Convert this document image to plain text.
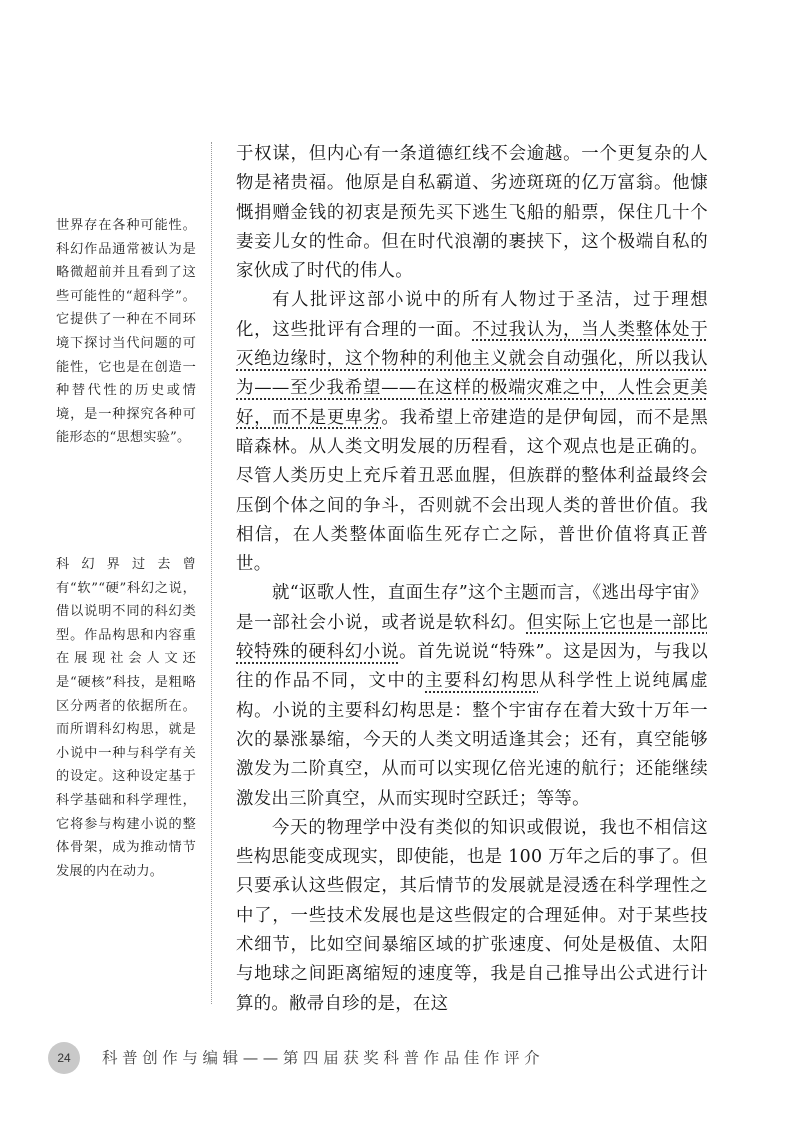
世界存在各种可能性。科幻作品通常被认为是略微超前并且看到了这些可能性的“超科学”。它提供了一种在不同环境下探讨当代问题的可能性，它也是在创造一种替代性的历史或情境，是一种探究各种可能形态的“思想实验”。
科幻界过去曾有“软”“硬”科幻之说，借以说明不同的科幻类型。作品构思和内容重在展现社会人文还是“硬核”科技，是粗略区分两者的依据所在。而所谓科幻构思，就是小说中一种与科学有关的设定。这种设定基于科学基础和科学理性，它将参与构建小说的整体骨架，成为推动情节发展的内在动力。

于权谋，但内心有一条道德红线不会逾越。一个更复杂的人物是褚贵福。他原是自私霸道、劣迹斑斑的亿万富翁。他慷慨捐赠金钱的初衷是预先买下逃生飞船的船票，保住几十个妻妾儿女的性命。但在时代浪潮的裹挟下，这个极端自私的家伙成了时代的伟人。

有人批评这部小说中的所有人物过于圣洁，过于理想化，这些批评有合理的一面。不过我认为，当人类整体处于灭绝边缘时，这个物种的利他主义就会自动强化，所以我认为——至少我希望——在这样的极端灾难之中，人性会更美好，而不是更卑劣。我希望上帝建造的是伊甸园，而不是黑暗森林。从人类文明发展的历程看，这个观点也是正确的。尽管人类历史上充斥着丑恶血腥，但族群的整体利益最终会压倒个体之间的争斗，否则就不会出现人类的普世价值。我相信，在人类整体面临生死存亡之际，普世价值将真正普世。

就“讴歌人性，直面生存”这个主题而言，《逃出母宇宙》是一部社会小说，或者说是软科幻。但实际上它也是一部比较特殊的硬科幻小说。首先说说“特殊”。这是因为，与我以往的作品不同，文中的主要科幻构思从科学性上说纯属虚构。小说的主要科幻构思是：整个宇宙存在着大致十万年一次的暴涨暴缩，今天的人类文明适逢其会；还有，真空能够激发为二阶真空，从而可以实现亿倍光速的航行；还能继续激发出三阶真空，从而实现时空跃迁；等等。

今天的物理学中没有类似的知识或假说，我也不相信这些构思能变成现实，即使能，也是 100 万年之后的事了。但只要承认这些假定，其后情节的发展就是浸透在科学理性之中了，一些技术发展也是这些假定的合理延伸。对于某些技术细节，比如空间暴缩区域的扩张速度、何处是极值、太阳与地球之间距离缩短的速度等，我是自己推导出公式进行计算的。敝帚自珍的是，在这

24	科普创作与编辑——第四届获奖科普作品佳作评介
